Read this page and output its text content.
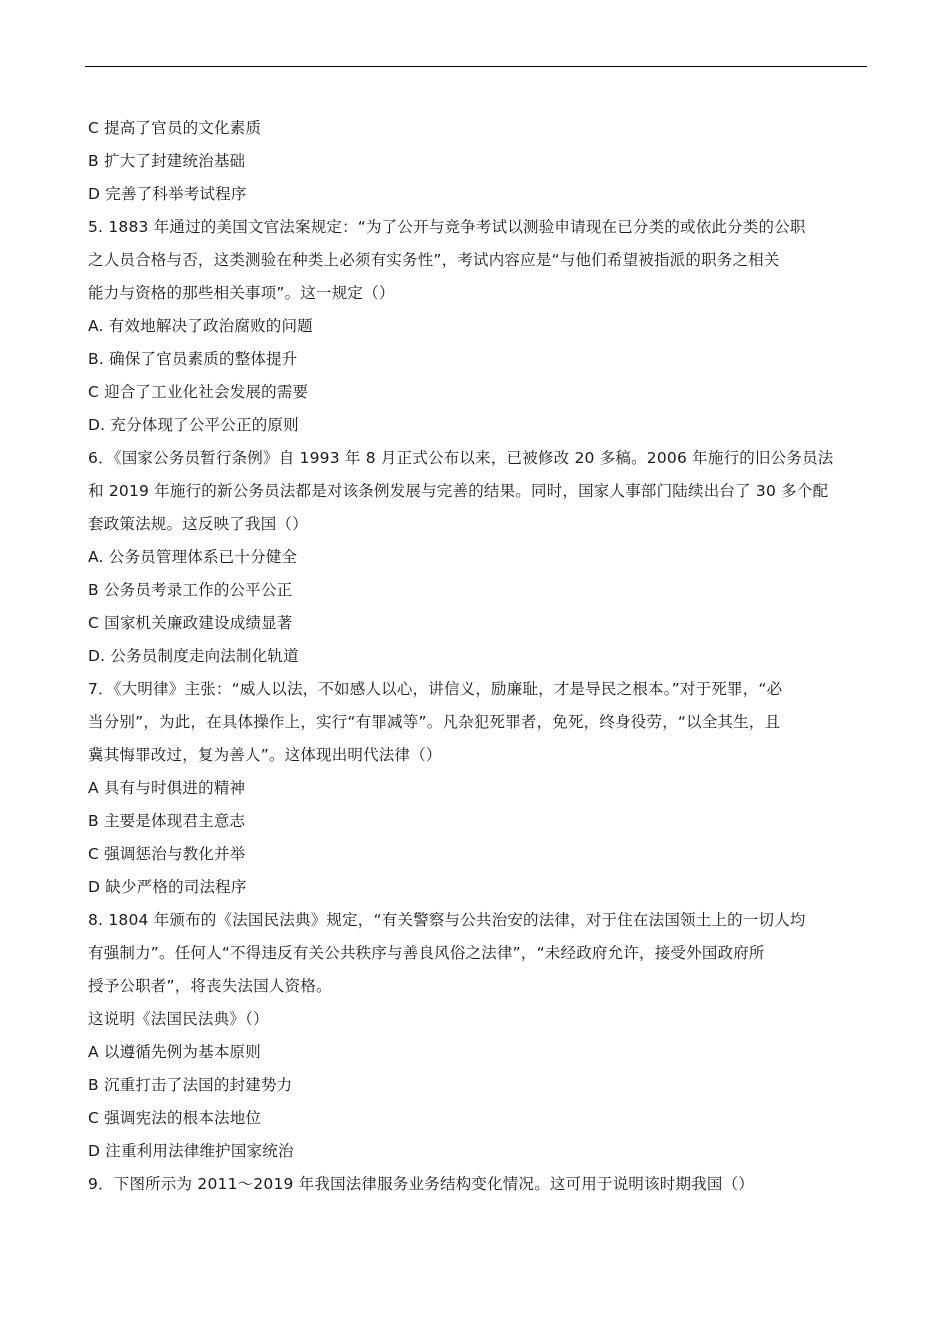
C 提高了官员的文化素质
B 扩大了封建统治基础
D 完善了科举考试程序
5. 1883 年通过的美国文官法案规定：“为了公开与竞争考试以测验申请现在已分类的或依此分类的公职
之人员合格与否，这类测验在种类上必须有实务性”，考试内容应是“与他们希望被指派的职务之相关
能力与资格的那些相关事项”。这一规定（）
A. 有效地解决了政治腐败的问题
B. 确保了官员素质的整体提升
C 迎合了工业化社会发展的需要
D. 充分体现了公平公正的原则
6．《国家公务员暂行条例》自 1993 年 8 月正式公布以来，已被修改 20 多稿。2006 年施行的旧公务员法
和 2019 年施行的新公务员法都是对该条例发展与完善的结果。同时，国家人事部门陆续出台了 30 多个配
套政策法规。这反映了我国（）
A. 公务员管理体系已十分健全
B 公务员考录工作的公平公正
C 国家机关廉政建设成绩显著
D. 公务员制度走向法制化轨道
7．《大明律》主张：“威人以法，不如感人以心，讲信义，励廉耻，才是导民之根本。”对于死罪，“必
当分别”，为此，在具体操作上，实行“有罪减等”。凡杂犯死罪者，免死，终身役劳，“以全其生，且
冀其悔罪改过，复为善人”。这体现出明代法律（）
A 具有与时俱进的精神
B 主要是体现君主意志
C 强调惩治与教化并举
D 缺少严格的司法程序
8. 1804 年颁布的《法国民法典》规定，“有关警察与公共治安的法律，对于住在法国领土上的一切人均
有强制力”。任何人“不得违反有关公共秩序与善良风俗之法律”，“未经政府允许，接受外国政府所
授予公职者”，将丧失法国人资格。
这说明《法国民法典》（）
A 以遵循先例为基本原则
B 沉重打击了法国的封建势力
C 强调宪法的根本法地位
D 注重利用法律维护国家统治
9．下图所示为 2011～2019 年我国法律服务业务结构变化情况。这可用于说明该时期我国（）
